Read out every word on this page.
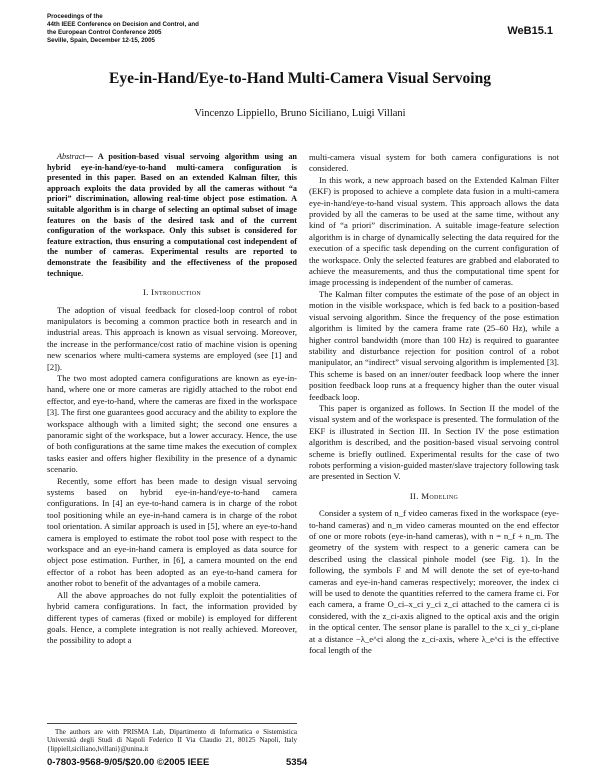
Proceedings of the
44th IEEE Conference on Decision and Control, and
the European Control Conference 2005
Seville, Spain, December 12-15, 2005
WeB15.1
Eye-in-Hand/Eye-to-Hand Multi-Camera Visual Servoing
Vincenzo Lippiello, Bruno Siciliano, Luigi Villani

Abstract— A position-based visual servoing algorithm using an hybrid eye-in-hand/eye-to-hand multi-camera configuration is presented in this paper. Based on an extended Kalman filter, this approach exploits the data provided by all the cameras without “a priori” discrimination, allowing real-time object pose estimation. A suitable algorithm is in charge of selecting an optimal subset of image features on the basis of the desired task and of the current configuration of the workspace. Only this subset is considered for feature extraction, thus ensuring a computational cost independent of the number of cameras. Experimental results are reported to demonstrate the feasibility and the effectiveness of the proposed technique.

I. Introduction

The adoption of visual feedback for closed-loop control of robot manipulators is becoming a common practice both in research and in industrial areas. This approach is known as visual servoing. Moreover, the increase in the performance/cost ratio of machine vision is opening new scenarios where multi-camera systems are employed (see [1] and [2]).

The two most adopted camera configurations are known as eye-in-hand, where one or more cameras are rigidly attached to the robot end effector, and eye-to-hand, where the cameras are fixed in the workspace [3]. The first one guarantees good accuracy and the ability to explore the workspace although with a limited sight; the second one ensures a panoramic sight of the workspace, but a lower accuracy. Hence, the use of both configurations at the same time makes the execution of complex tasks easier and offers higher flexibility in the presence of a dynamic scenario.

Recently, some effort has been made to design visual servoing systems based on hybrid eye-in-hand/eye-to-hand camera configurations. In [4] an eye-to-hand camera is in charge of the robot tool positioning while an eye-in-hand camera is in charge of the robot tool orientation. A similar approach is used in [5], where an eye-to-hand camera is employed to estimate the robot tool pose with respect to the workspace and an eye-in-hand camera is employed as data source for object pose estimation. Further, in [6], a camera mounted on the end effector of a robot has been adopted as an eye-to-hand camera for another robot to benefit of the advantages of a mobile camera.

All the above approaches do not fully exploit the potentialities of hybrid camera configurations. In fact, the information provided by different types of cameras (fixed or mobile) is employed for different goals. Hence, a complete integration is not really achieved. Moreover, the possibility to adopt a

The authors are with PRISMA Lab, Dipartimento di Informatica e Sistemistica Università degli Studi di Napoli Federico II Via Claudio 21, 80125 Napoli, Italy {lippiell,siciliano,lvillani}@unina.it

multi-camera visual system for both camera configurations is not considered.

In this work, a new approach based on the Extended Kalman Filter (EKF) is proposed to achieve a complete data fusion in a multi-camera eye-in-hand/eye-to-hand visual system. This approach allows the data provided by all the cameras to be used at the same time, without any kind of “a priori” discrimination. A suitable image-feature selection algorithm is in charge of dynamically selecting the data required for the execution of a specific task depending on the current configuration of the workspace. Only the selected features are grabbed and elaborated to achieve the measurements, and thus the computational time spent for image processing is independent of the number of cameras.

The Kalman filter computes the estimate of the pose of an object in motion in the visible workspace, which is fed back to a position-based visual servoing algorithm. Since the frequency of the pose estimation algorithm is limited by the camera frame rate (25–60 Hz), while a higher control bandwidth (more than 100 Hz) is required to guarantee stability and disturbance rejection for position control of a robot manipulator, an “indirect” visual servoing algorithm is implemented [3]. This scheme is based on an inner/outer feedback loop where the inner position feedback loop runs at a frequency higher than the outer visual feedback loop.

This paper is organized as follows. In Section II the model of the visual system and of the workspace is presented. The formulation of the EKF is illustrated in Section III. In Section IV the pose estimation algorithm is described, and the position-based visual servoing control scheme is briefly outlined. Experimental results for the case of two robots performing a vision-guided master/slave trajectory following task are presented in Section V.

II. Modeling

Consider a system of n_f video cameras fixed in the workspace (eye-to-hand cameras) and n_m video cameras mounted on the end effector of one or more robots (eye-in-hand cameras), with n = n_f + n_m. The geometry of the system with respect to a generic camera can be described using the classical pinhole model (see Fig. 1). In the following, the symbols F and M will denote the set of eye-to-hand cameras and eye-in-hand cameras respectively; moreover, the index ci will be used to denote the quantities referred to the camera frame ci. For each camera, a frame O_ci–x_ci y_ci z_ci attached to the camera ci is considered, with the z_ci-axis aligned to the optical axis and the origin in the optical center. The sensor plane is parallel to the x_ci y_ci-plane at a distance −λ_e^ci along the z_ci-axis, where λ_e^ci is the effective focal length of the

0-7803-9568-9/05/$20.00 ©2005 IEEE	5354
